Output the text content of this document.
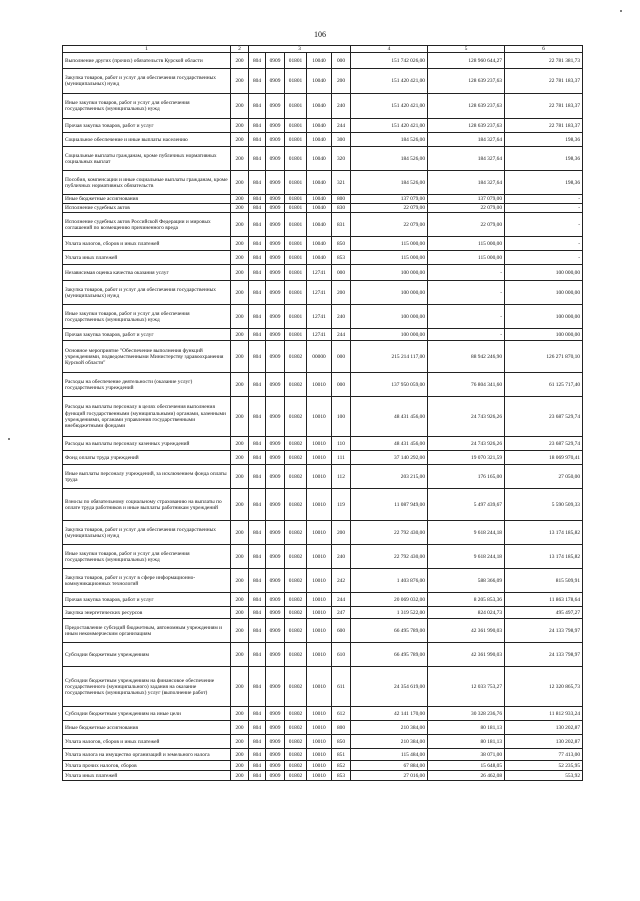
106
1	2	3					4	5	6
Выполнение других (прочих) обязательств Курской области	200	804	0909	01801	10040	000	151 742 026,00	128 960 644,27	22 781 381,73
Закупка товаров, работ и услуг для обеспечения государственных (муниципальных) нужд	200	804	0909	01801	10040	200	151 420 421,00	128 639 237,63	22 781 183,37
Иные закупки товаров, работ и услуг для обеспечения государственных (муниципальных) нужд	200	804	0909	01801	10040	240	151 420 421,00	128 639 237,63	22 781 183,37
Прочая закупка товаров, работ и услуг	200	804	0909	01801	10040	244	151 420 421,00	128 639 237,63	22 781 183,37
Социальное обеспечение и иные выплаты населению	200	804	0909	01801	10040	300	184 526,00	184 327,64	198,36
Социальные выплаты гражданам, кроме публичных нормативных социальных выплат	200	804	0909	01801	10040	320	184 526,00	184 327,64	198,36
Пособия, компенсации и иные социальные выплаты гражданам, кроме публичных нормативных обязательств	200	804	0909	01801	10040	321	184 526,00	184 327,64	198,36
Иные бюджетные ассигнования	200	804	0909	01801	10040	800	137 079,00	137 079,00	-
Исполнение судебных актов	200	804	0909	01801	10040	830	22 079,00	22 079,00	-
Исполнение судебных актов Российской Федерации и мировых соглашений по возмещению причиненного вреда	200	804	0909	01801	10040	831	22 079,00	22 079,00	-
Уплата налогов, сборов и иных платежей	200	804	0909	01801	10040	850	115 000,00	115 000,00	-
Уплата иных платежей	200	804	0909	01801	10040	853	115 000,00	115 000,00	-
Независимая оценка качества оказания услуг	200	804	0909	01801	12741	000	100 000,00	-	100 000,00
Закупка товаров, работ и услуг для обеспечения государственных (муниципальных) нужд	200	804	0909	01801	12741	200	100 000,00	-	100 000,00
Иные закупки товаров, работ и услуг для обеспечения государственных (муниципальных) нужд	200	804	0909	01801	12741	240	100 000,00	-	100 000,00
Прочая закупка товаров, работ и услуг	200	804	0909	01801	12741	244	100 000,00	-	100 000,00
Основное мероприятие "Обеспечение выполнения функций учреждениями, подведомственными Министерству здравоохранения Курской области"	200	804	0909	01802	00000	000	215 214 117,00	88 942 246,90	126 271 870,10
Расходы на обеспечение деятельности (оказание услуг) государственных учреждений	200	804	0909	01802	10010	000	137 950 059,00	76 804 341,60	61 125 717,40
Расходы на выплаты персоналу в целях обеспечения выполнения функций государственными (муниципальными) органами, казенными учреждениями, органами управления государственными внебюджетными фондами	200	804	0909	01802	10010	100	48 431 456,00	24 743 926,26	23 687 529,74
Расходы на выплаты персоналу казенных учреждений	200	804	0909	01802	10010	110	48 431 456,00	24 743 926,26	23 687 529,74
Фонд оплаты труда учреждений	200	804	0909	01802	10010	111	37 140 292,00	19 070 321,59	18 069 970,41
Иные выплаты персоналу учреждений, за исключением фонда оплаты труда	200	804	0909	01802	10010	112	203 215,00	176 165,00	27 050,00
Взносы по обязательному социальному страхованию на выплаты по оплате труда работников и иные выплаты работникам учреждений	200	804	0909	01802	10010	119	11 087 949,00	5 497 439,67	5 590 509,33
Закупка товаров, работ и услуг для обеспечения государственных (муниципальных) нужд	200	804	0909	01802	10010	200	22 792 430,00	9 618 244,18	13 174 185,82
Иные закупки товаров, работ и услуг для обеспечения государственных (муниципальных) нужд	200	804	0909	01802	10010	240	22 792 430,00	9 618 244,18	13 174 185,82
Закупка товаров, работ и услуг в сфере информационно-коммуникационных технологий	200	804	0909	01802	10010	242	1 403 876,00	588 366,09	815 509,91
Прочая закупка товаров, работ и услуг	200	804	0909	01802	10010	244	20 069 032,00	8 205 853,36	11 863 178,64
Закупка энергетических ресурсов	200	804	0909	01802	10010	247	1 319 522,00	824 024,73	495 497,27
Предоставление субсидий бюджетным, автономным учреждениям и иным некоммерческим организациям	200	804	0909	01802	10010	600	66 495 789,00	42 361 990,03	24 133 798,97
Субсидии бюджетным учреждениям	200	804	0909	01802	10010	610	66 495 789,00	42 361 990,03	24 133 798,97
Субсидии бюджетным учреждениям на финансовое обеспечение государственного (муниципального) задания на оказание государственных (муниципальных) услуг (выполнение работ)	200	804	0909	01802	10010	611	24 354 619,00	12 033 753,27	12 320 865,73
Субсидии бюджетным учреждениям на иные цели	200	804	0909	01802	10010	612	42 141 170,00	30 328 236,76	11 812 933,24
Иные бюджетные ассигнования	200	804	0909	01802	10010	800	210 384,00	80 181,13	130 202,87
Уплата налогов, сборов и иных платежей	200	804	0909	01802	10010	850	210 384,00	80 181,13	130 202,87
Уплата налога на имущество организаций и земельного налога	200	804	0909	01802	10010	851	115 484,00	38 071,00	77 413,00
Уплата прочих налогов, сборов	200	804	0909	01802	10010	852	67 884,00	15 648,05	52 235,95
Уплата иных платежей	200	804	0909	01802	10010	853	27 016,00	26 462,08	553,92
